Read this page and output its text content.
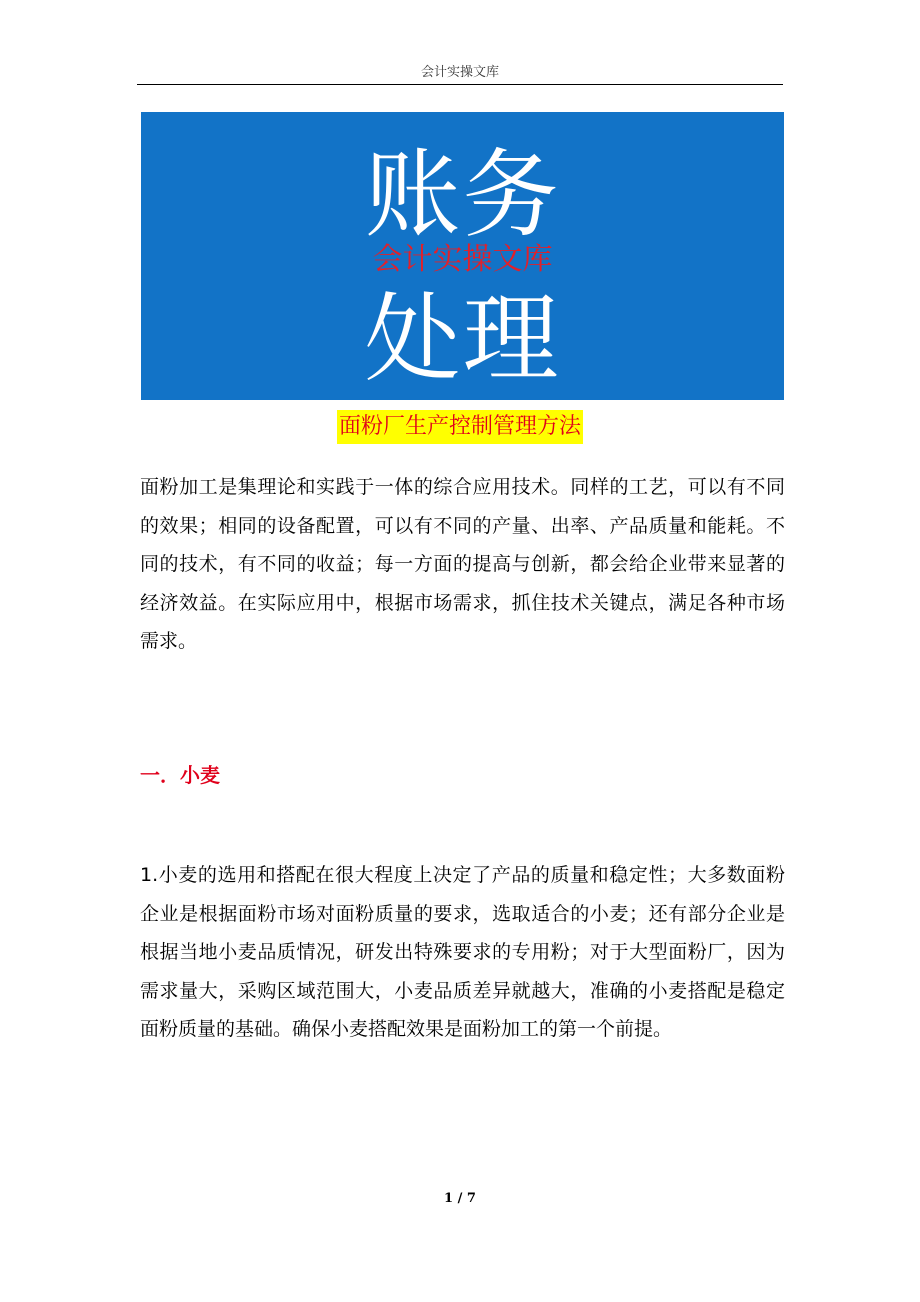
会计实操文库
账务
会计实操文库
处理
面粉厂生产控制管理方法

面粉加工是集理论和实践于一体的综合应用技术。同样的工艺，可以有不同的效果；相同的设备配置，可以有不同的产量、出率、产品质量和能耗。不同的技术，有不同的收益；每一方面的提高与创新，都会给企业带来显著的经济效益。在实际应用中，根据市场需求，抓住技术关键点，满足各种市场需求。

一．小麦

1.小麦的选用和搭配在很大程度上决定了产品的质量和稳定性；大多数面粉企业是根据面粉市场对面粉质量的要求，选取适合的小麦；还有部分企业是根据当地小麦品质情况，研发出特殊要求的专用粉；对于大型面粉厂，因为需求量大，采购区域范围大，小麦品质差异就越大，准确的小麦搭配是稳定面粉质量的基础。确保小麦搭配效果是面粉加工的第一个前提。

1 / 7
